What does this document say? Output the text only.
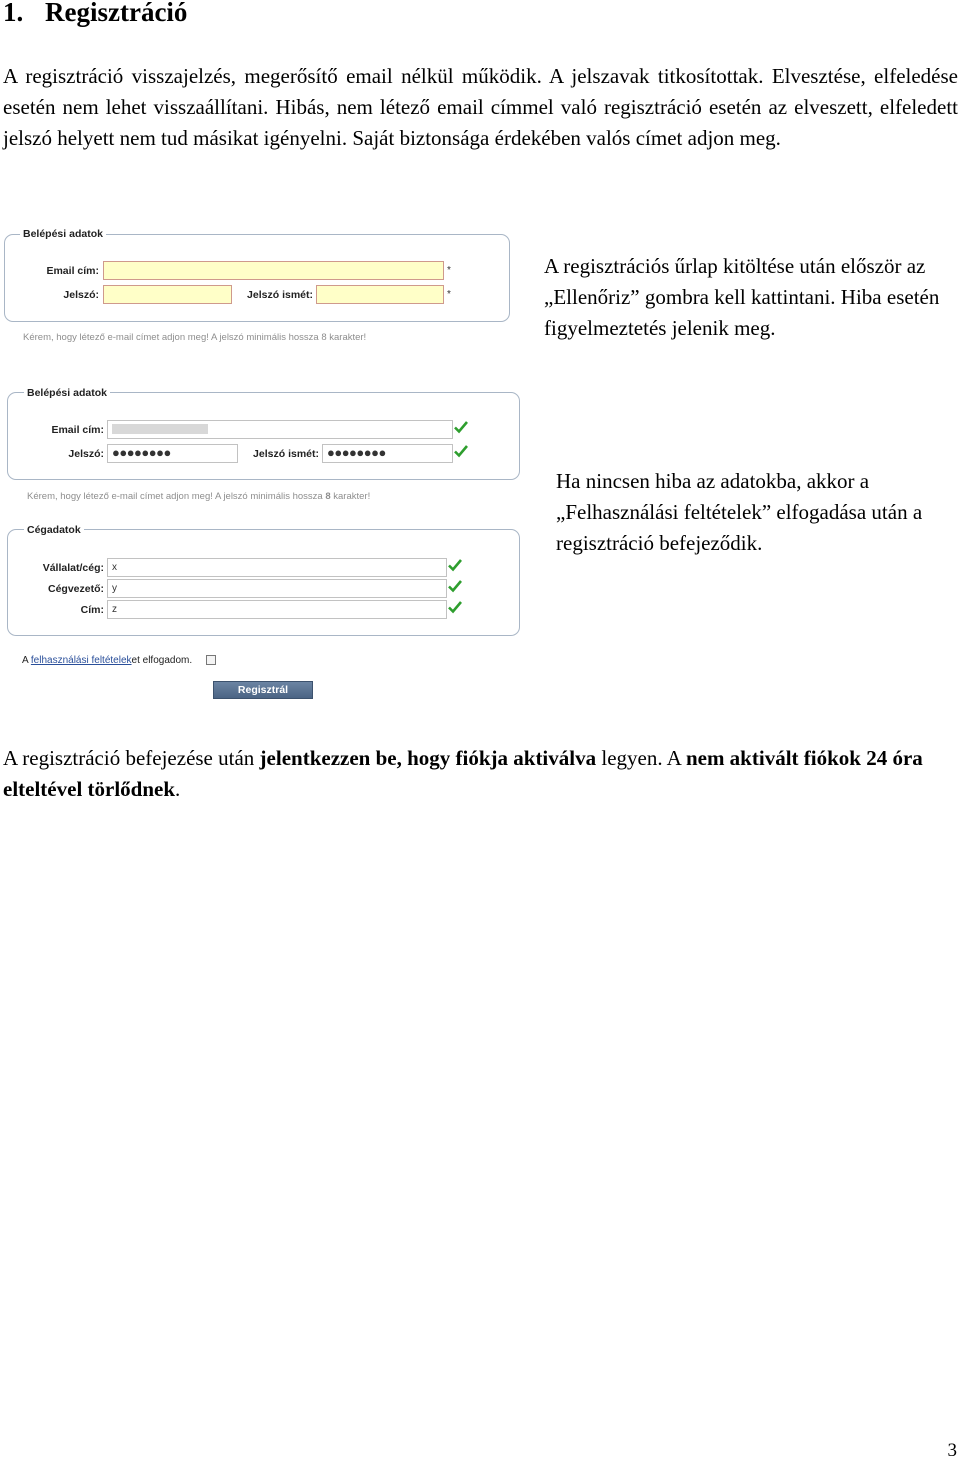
1. Regisztráció
A regisztráció visszajelzés, megerősítő email nélkül működik. A jelszavak titkosítottak. Elvesztése, elfeledése esetén nem lehet visszaállítani. Hibás, nem létező email címmel való regisztráció esetén az elveszett, elfeledett jelszó helyett nem tud másikat igényelni. Saját biztonsága érdekében valós címet adjon meg.
Belépési adatok
Email cím:	*
Jelszó:	Jelszó ismét:	*
Kérem, hogy létező e-mail címet adjon meg! A jelszó minimális hossza 8 karakter!
A regisztrációs űrlap kitöltése után először az „Ellenőriz” gombra kell kattintani. Hiba esetén figyelmeztetés jelenik meg.
Belépési adatok
Email cím:
Jelszó: ●●●●●●●●	Jelszó ismét: ●●●●●●●●
Kérem, hogy létező e-mail címet adjon meg! A jelszó minimális hossza 8 karakter!
Cégadatok
Vállalat/cég: x
Cégvezető: y
Cím: z
A felhasználási feltételeket elfogadom.
Regisztrál
Ha nincsen hiba az adatokba, akkor a „Felhasználási feltételek” elfogadása után a regisztráció befejeződik.
A regisztráció befejezése után jelentkezzen be, hogy fiókja aktiválva legyen. A nem aktivált fiókok 24 óra elteltével törlődnek.
3
